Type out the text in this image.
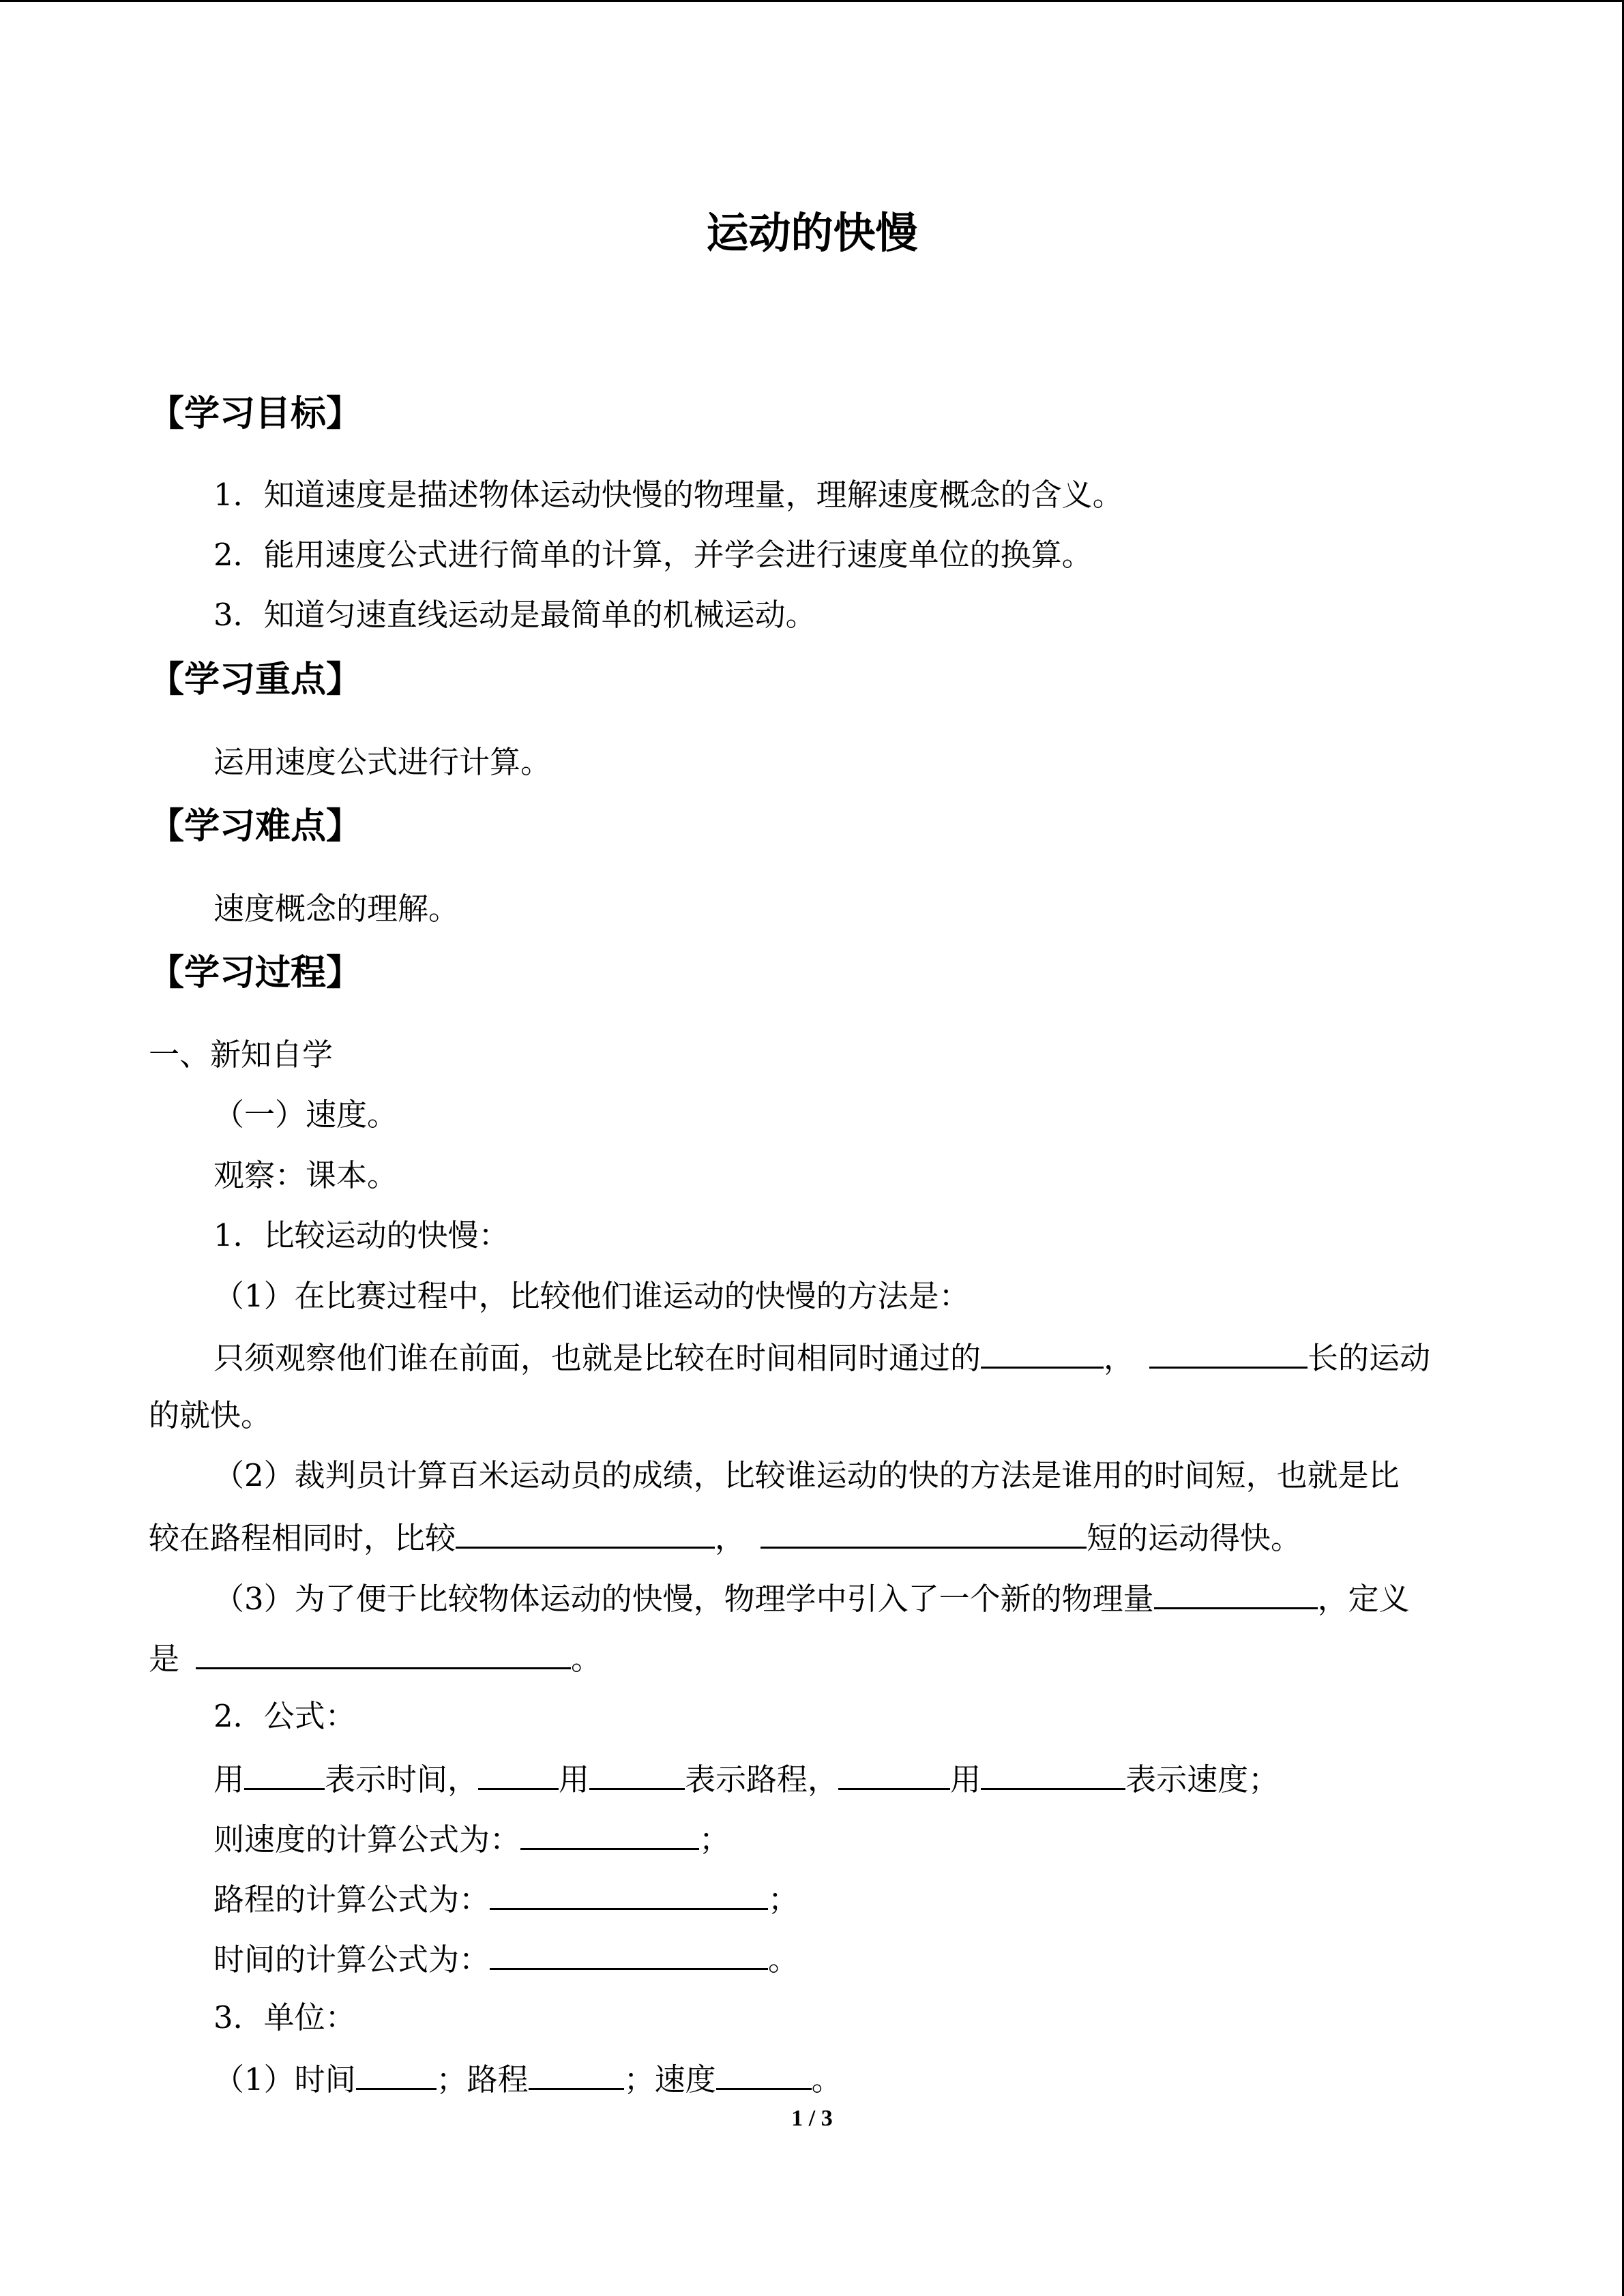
运动的快慢
【学习目标】
1．知道速度是描述物体运动快慢的物理量，理解速度概念的含义。
2．能用速度公式进行简单的计算，并学会进行速度单位的换算。
3．知道匀速直线运动是最简单的机械运动。
【学习重点】
运用速度公式进行计算。
【学习难点】
速度概念的理解。
【学习过程】
一、新知自学
（一）速度。
观察：课本。
1．比较运动的快慢：
（1）在比赛过程中，比较他们谁运动的快慢的方法是：
只须观察他们谁在前面，也就是比较在时间相同时通过的	，	长的运动
的就快。
（2）裁判员计算百米运动员的成绩，比较谁运动的快的方法是谁用的时间短，也就是比
较在路程相同时，比较	，	短的运动得快。
（3）为了便于比较物体运动的快慢，物理学中引入了一个新的物理量	，定义
是	。
2．公式：
用	表示时间，	用	表示路程，	用	表示速度；
则速度的计算公式为：	；
路程的计算公式为：	；
时间的计算公式为：	。
3．单位：
（1）时间	；路程	；速度	。
1 / 3
